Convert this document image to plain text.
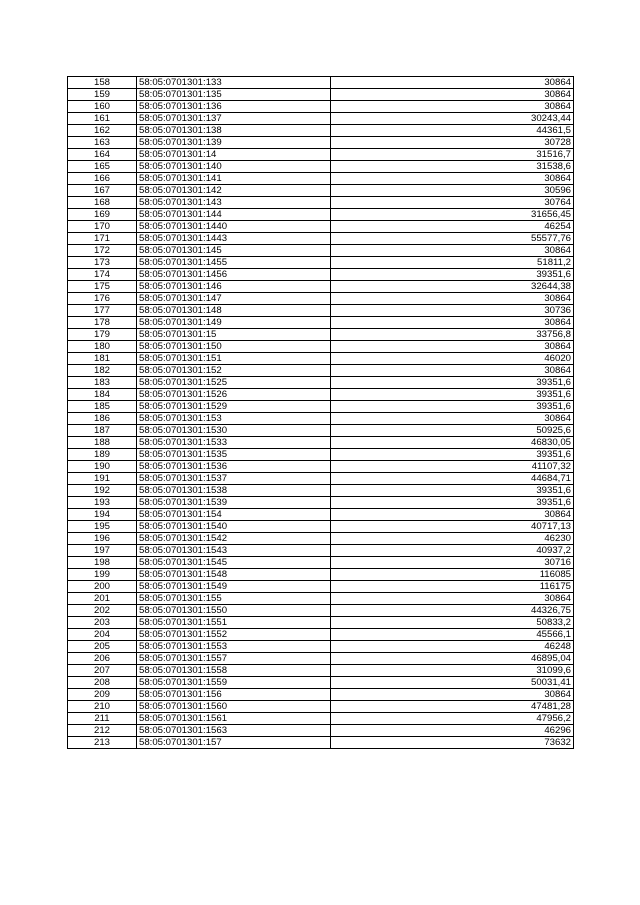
158	58:05:0701301:133	30864
159	58:05:0701301:135	30864
160	58:05:0701301:136	30864
161	58:05:0701301:137	30243,44
162	58:05:0701301:138	44361,5
163	58:05:0701301:139	30728
164	58:05:0701301:14	31516,7
165	58:05:0701301:140	31538,6
166	58:05:0701301:141	30864
167	58:05:0701301:142	30596
168	58:05:0701301:143	30764
169	58:05:0701301:144	31656,45
170	58:05:0701301:1440	46254
171	58:05:0701301:1443	55577,76
172	58:05:0701301:145	30864
173	58:05:0701301:1455	51811,2
174	58:05:0701301:1456	39351,6
175	58:05:0701301:146	32644,38
176	58:05:0701301:147	30864
177	58:05:0701301:148	30736
178	58:05:0701301:149	30864
179	58:05:0701301:15	33756,8
180	58:05:0701301:150	30864
181	58:05:0701301:151	46020
182	58:05:0701301:152	30864
183	58:05:0701301:1525	39351,6
184	58:05:0701301:1526	39351,6
185	58:05:0701301:1529	39351,6
186	58:05:0701301:153	30864
187	58:05:0701301:1530	50925,6
188	58:05:0701301:1533	46830,05
189	58:05:0701301:1535	39351,6
190	58:05:0701301:1536	41107,32
191	58:05:0701301:1537	44684,71
192	58:05:0701301:1538	39351,6
193	58:05:0701301:1539	39351,6
194	58:05:0701301:154	30864
195	58:05:0701301:1540	40717,13
196	58:05:0701301:1542	46230
197	58:05:0701301:1543	40937,2
198	58:05:0701301:1545	30716
199	58:05:0701301:1548	116085
200	58:05:0701301:1549	116175
201	58:05:0701301:155	30864
202	58:05:0701301:1550	44326,75
203	58:05:0701301:1551	50833,2
204	58:05:0701301:1552	45566,1
205	58:05:0701301:1553	46248
206	58:05:0701301:1557	46895,04
207	58:05:0701301:1558	31099,6
208	58:05:0701301:1559	50031,41
209	58:05:0701301:156	30864
210	58:05:0701301:1560	47481,28
211	58:05:0701301:1561	47956,2
212	58:05:0701301:1563	46296
213	58:05:0701301:157	73632
